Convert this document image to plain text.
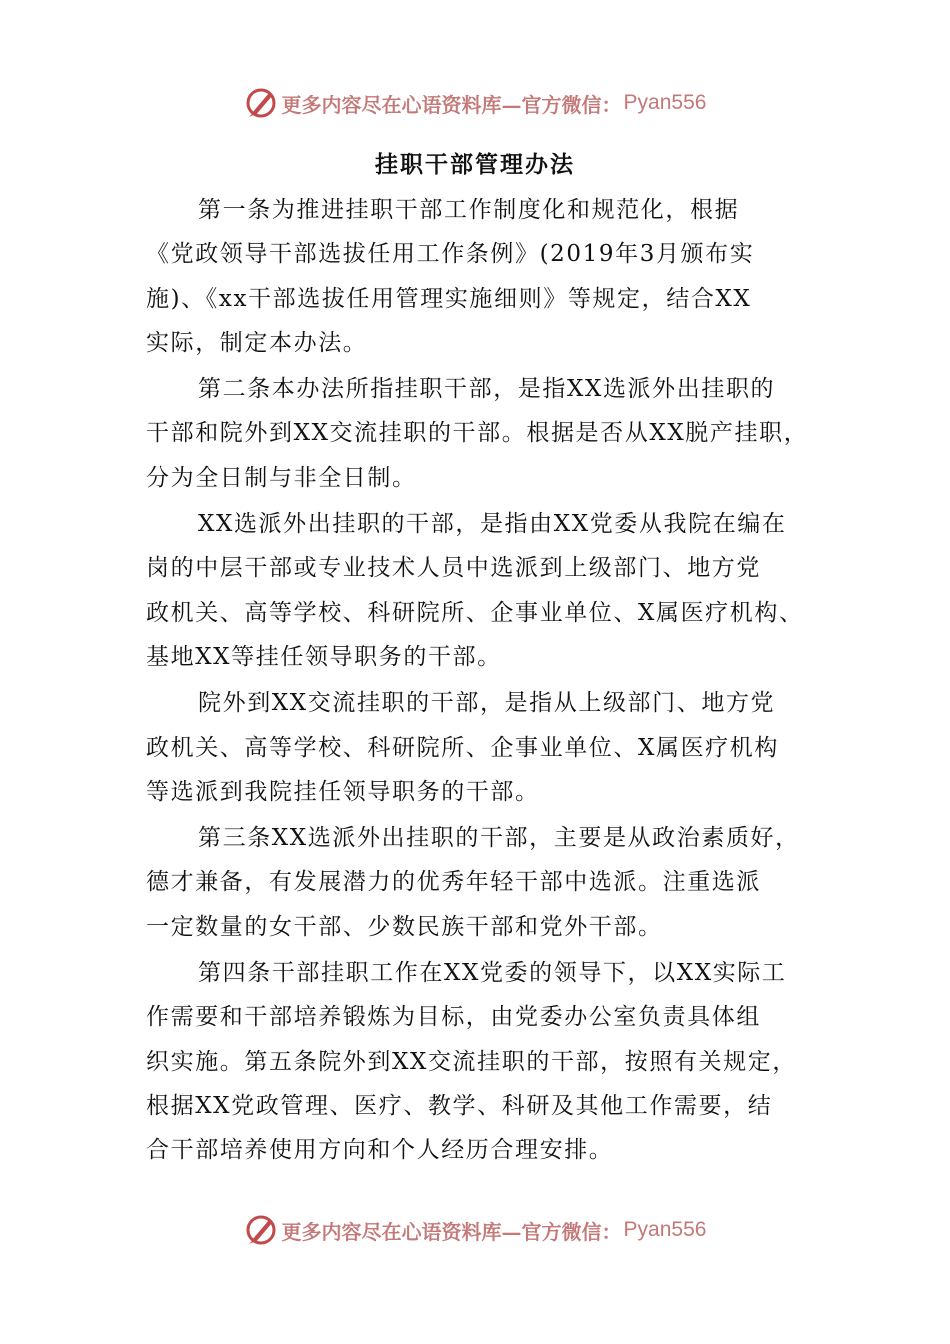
更多内容尽在心语资料库—官方微信： Pyan556
挂职干部管理办法

第一条为推进挂职干部工作制度化和规范化，根据
《党政领导干部选拔任用工作条例》(2019年3月颁布实
施)、《xx干部选拔任用管理实施细则》等规定，结合XX
实际，制定本办法。

第二条本办法所指挂职干部，是指XX选派外出挂职的
干部和院外到XX交流挂职的干部。根据是否从XX脱产挂职，
分为全日制与非全日制。

XX选派外出挂职的干部，是指由XX党委从我院在编在
岗的中层干部或专业技术人员中选派到上级部门、地方党
政机关、高等学校、科研院所、企事业单位、X属医疗机构、
基地XX等挂任领导职务的干部。

院外到XX交流挂职的干部，是指从上级部门、地方党
政机关、高等学校、科研院所、企事业单位、X属医疗机构
等选派到我院挂任领导职务的干部。

第三条XX选派外出挂职的干部，主要是从政治素质好，
德才兼备，有发展潜力的优秀年轻干部中选派。注重选派
一定数量的女干部、少数民族干部和党外干部。

第四条干部挂职工作在XX党委的领导下，以XX实际工
作需要和干部培养锻炼为目标，由党委办公室负责具体组
织实施。第五条院外到XX交流挂职的干部，按照有关规定，
根据XX党政管理、医疗、教学、科研及其他工作需要，结
合干部培养使用方向和个人经历合理安排。

更多内容尽在心语资料库—官方微信： Pyan556
